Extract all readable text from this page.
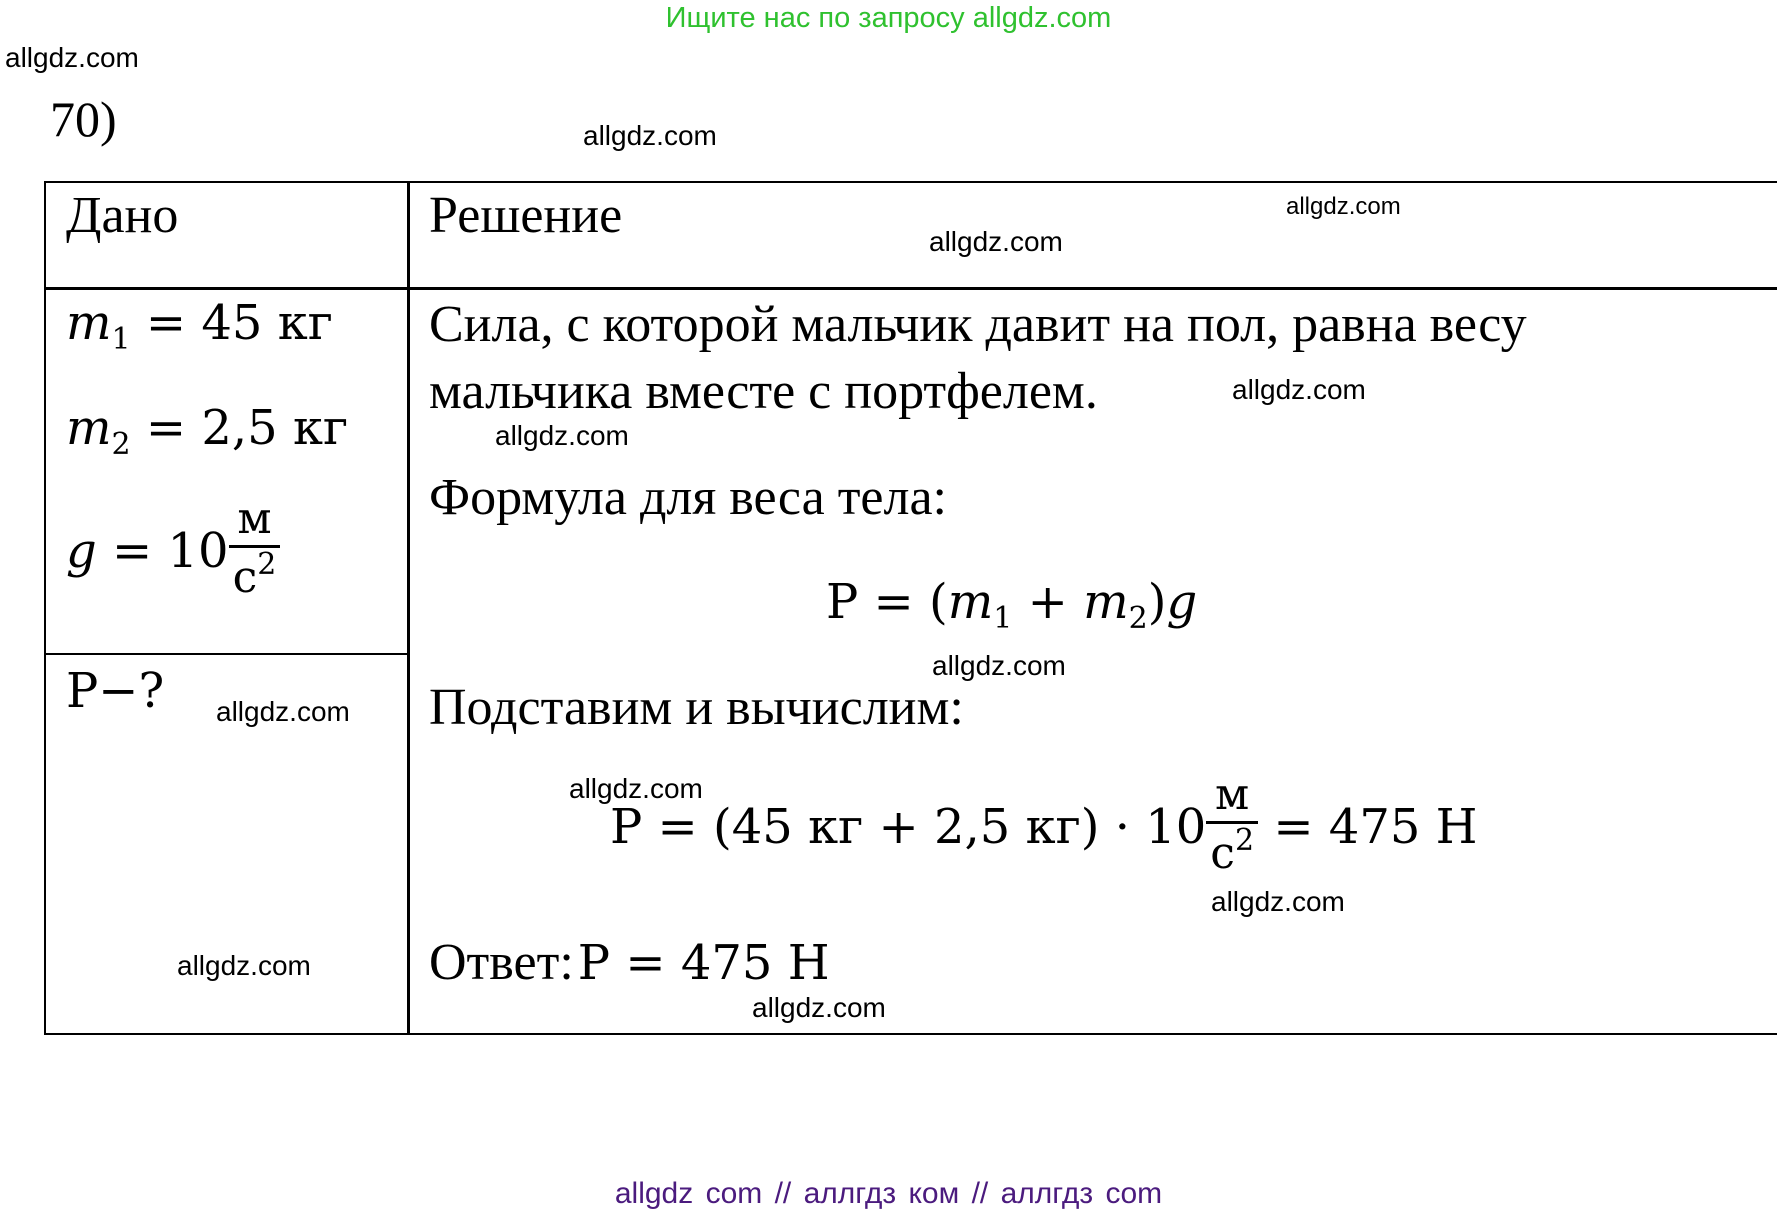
Ищите нас по запросу allgdz.com
allgdz.com
allgdz.com
allgdz.com
allgdz.com
allgdz.com
allgdz.com
allgdz.com
allgdz.com
allgdz.com
allgdz.com
allgdz.com
allgdz.com
70)
Дано	Решение
$m_1 = 45$ кг
$m_2 = 2,5$ кг
$g = 10 \frac{м}{с^2}$
P−?
Сила, с которой мальчик давит на пол, равна весу
мальчика вместе с портфелем.
Формула для веса тела:
$P = (m_1 + m_2)g$
Подставим и вычислим:
P = (45 кг + 2,5 $кг) \cdot 10 \frac{м}{с^2} = 475$ Н
Ответ: P = 475 Н
allgdz com // аллгдз ком // аллгдз com
